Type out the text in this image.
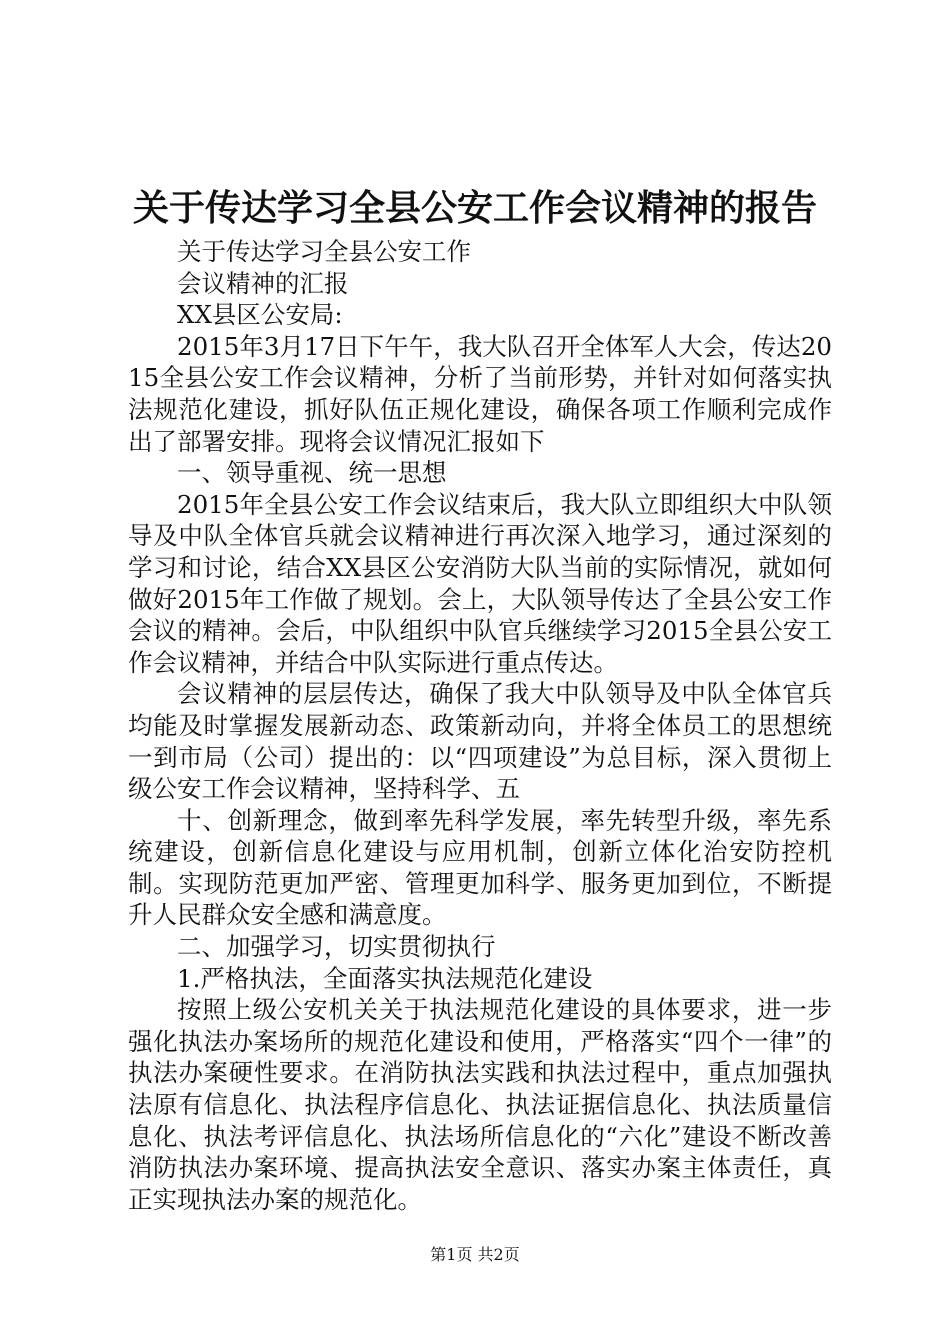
关于传达学习全县公安工作会议精神的报告

关于传达学习全县公安工作

会议精神的汇报

XX县区公安局:

2015年3月17日下午午，我大队召开全体军人大会，传达2015全县公安工作会议精神，分析了当前形势，并针对如何落实执法规范化建设，抓好队伍正规化建设，确保各项工作顺利完成作出了部署安排。现将会议情况汇报如下

一、领导重视、统一思想

2015年全县公安工作会议结束后，我大队立即组织大中队领导及中队全体官兵就会议精神进行再次深入地学习，通过深刻的学习和讨论，结合XX县区公安消防大队当前的实际情况，就如何做好2015年工作做了规划。会上，大队领导传达了全县公安工作会议的精神。会后，中队组织中队官兵继续学习2015全县公安工作会议精神，并结合中队实际进行重点传达。

会议精神的层层传达，确保了我大中队领导及中队全体官兵均能及时掌握发展新动态、政策新动向，并将全体员工的思想统一到市局（公司）提出的：以“四项建设”为总目标，深入贯彻上级公安工作会议精神，坚持科学、五

十、创新理念，做到率先科学发展，率先转型升级，率先系统建设，创新信息化建设与应用机制，创新立体化治安防控机制。实现防范更加严密、管理更加科学、服务更加到位，不断提升人民群众安全感和满意度。

二、加强学习，切实贯彻执行

1.严格执法，全面落实执法规范化建设

按照上级公安机关关于执法规范化建设的具体要求，进一步强化执法办案场所的规范化建设和使用，严格落实“四个一律”的执法办案硬性要求。在消防执法实践和执法过程中，重点加强执法原有信息化、执法程序信息化、执法证据信息化、执法质量信息化、执法考评信息化、执法场所信息化的“六化”建设不断改善消防执法办案环境、提高执法安全意识、落实办案主体责任，真正实现执法办案的规范化。

第1页 共2页
